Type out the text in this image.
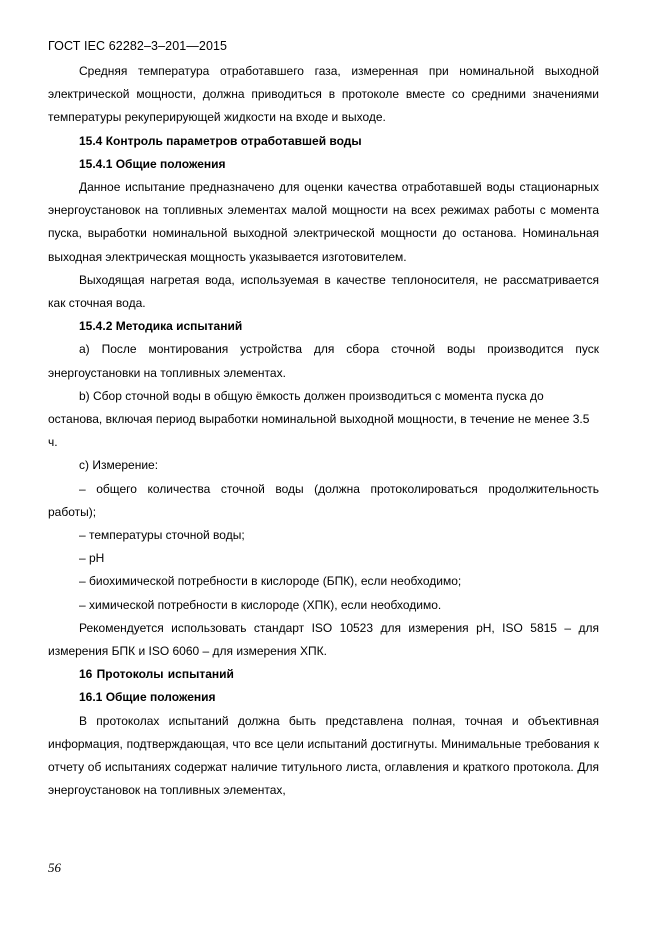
ГОСТ IEC 62282–3–201—2015

Средняя температура отработавшего газа, измеренная при номинальной выходной электрической мощности, должна приводиться в протоколе вместе со средними значениями температуры рекуперирующей жидкости на входе и выходе.

15.4 Контроль параметров отработавшей воды

15.4.1 Общие положения

Данное испытание предназначено для оценки качества отработавшей воды стационарных энергоустановок на топливных элементах малой мощности на всех режимах работы с момента пуска, выработки номинальной выходной электрической мощности до останова. Номинальная выходная электрическая мощность указывается изготовителем.

Выходящая нагретая вода, используемая в качестве теплоносителя, не рассматривается как сточная вода.

15.4.2 Методика испытаний

a) После монтирования устройства для сбора сточной воды производится пуск энергоустановки на топливных элементах.

b) Сбор сточной воды в общую ёмкость должен производиться с момента пуска до останова, включая период выработки номинальной выходной мощности, в течение не менее 3.5 ч.

c) Измерение:

– общего количества сточной воды (должна протоколироваться продолжительность работы);

– температуры сточной воды;

– pH

– биохимической потребности в кислороде (БПК), если необходимо;

– химической потребности в кислороде (ХПК), если необходимо.

Рекомендуется использовать стандарт ISO 10523 для измерения pH, ISO 5815 – для измерения БПК и ISO 6060 – для измерения ХПК.

16 Протоколы испытаний

16.1 Общие положения

В протоколах испытаний должна быть представлена полная, точная и объективная информация, подтверждающая, что все цели испытаний достигнуты. Минимальные требования к отчету об испытаниях содержат наличие титульного листа, оглавления и краткого протокола. Для энергоустановок на топливных элементах,

56
